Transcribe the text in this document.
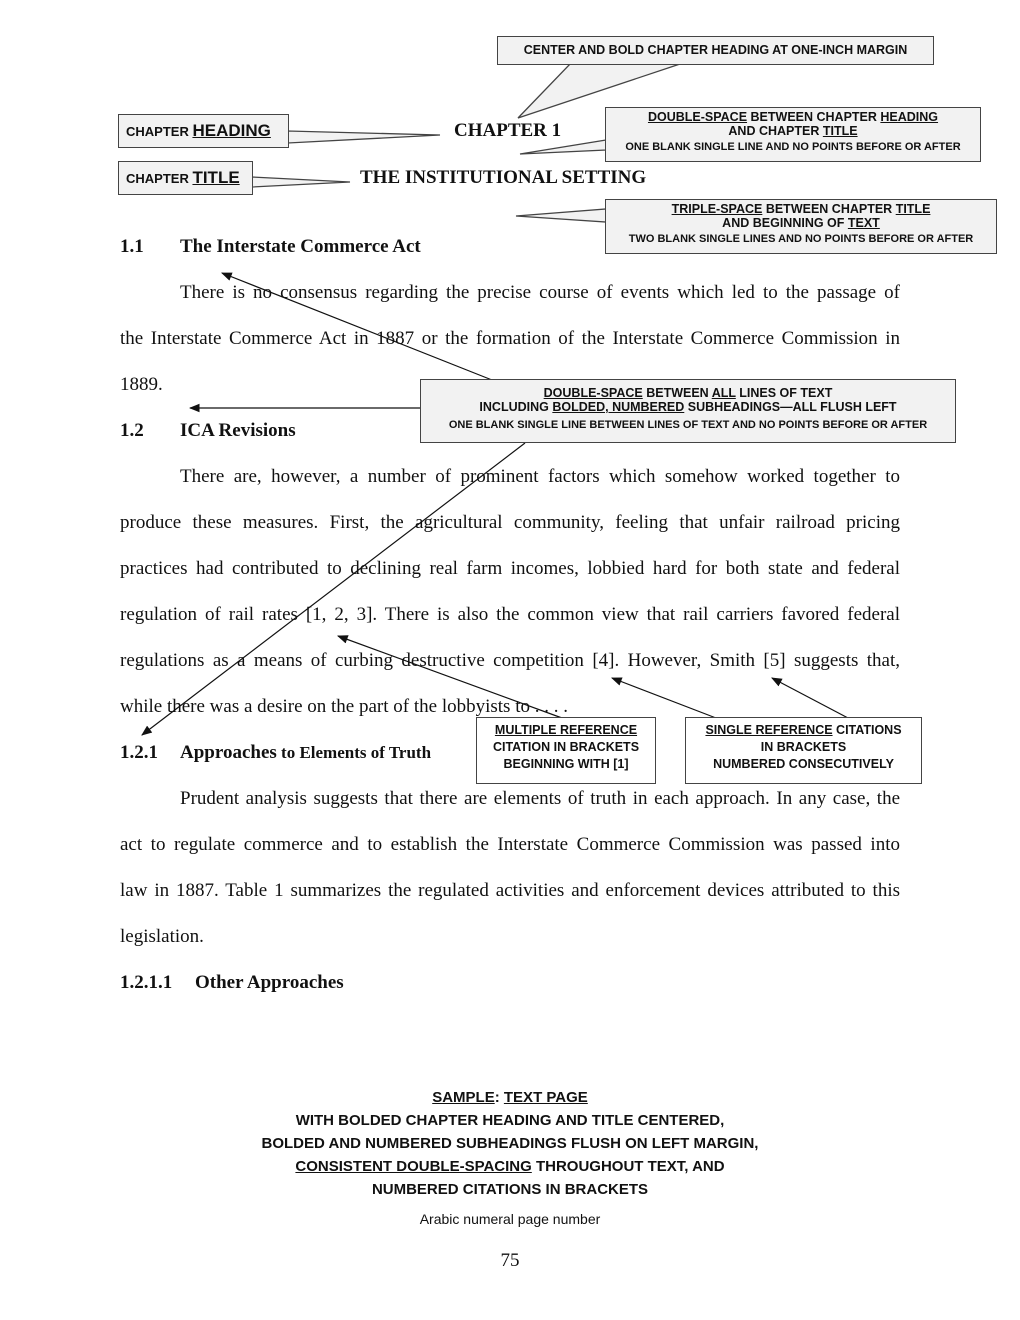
CHAPTER 1
THE INSTITUTIONAL SETTING
1.1 The Interstate Commerce Act
There is no consensus regarding the precise course of events which led to the passage of
the Interstate Commerce Act in 1887 or the formation of the Interstate Commerce Commission in
1889.
1.2 ICA Revisions
There are, however, a number of prominent factors which somehow worked together to
produce these measures. First, the agricultural community, feeling that unfair railroad pricing
practices had contributed to declining real farm incomes, lobbied hard for both state and federal
regulation of rail rates [1, 2, 3]. There is also the common view that rail carriers favored federal
regulations as a means of curbing destructive competition [4]. However, Smith [5] suggests that,
while there was a desire on the part of the lobbyists to . . . .
1.2.1 Approaches to Elements of Truth
Prudent analysis suggests that there are elements of truth in each approach. In any case, the
act to regulate commerce and to establish the Interstate Commerce Commission was passed into
law in 1887. Table 1 summarizes the regulated activities and enforcement devices attributed to this
legislation.
1.2.1.1 Other Approaches
CENTER AND BOLD CHAPTER HEADING AT ONE-INCH MARGIN
CHAPTER HEADING
CHAPTER TITLE
DOUBLE-SPACE BETWEEN CHAPTER HEADING
AND CHAPTER TITLE
ONE BLANK SINGLE LINE AND NO POINTS BEFORE OR AFTER
TRIPLE-SPACE BETWEEN CHAPTER TITLE
AND BEGINNING OF TEXT
TWO BLANK SINGLE LINES AND NO POINTS BEFORE OR AFTER
DOUBLE-SPACE BETWEEN ALL LINES OF TEXT
INCLUDING BOLDED, NUMBERED SUBHEADINGS—ALL FLUSH LEFT
ONE BLANK SINGLE LINE BETWEEN LINES OF TEXT AND NO POINTS BEFORE OR AFTER
MULTIPLE REFERENCE
CITATION IN BRACKETS
BEGINNING WITH [1]
SINGLE REFERENCE CITATIONS
IN BRACKETS
NUMBERED CONSECUTIVELY
SAMPLE: TEXT PAGE
WITH BOLDED CHAPTER HEADING AND TITLE CENTERED,
BOLDED AND NUMBERED SUBHEADINGS FLUSH ON LEFT MARGIN,
CONSISTENT DOUBLE-SPACING THROUGHOUT TEXT, AND
NUMBERED CITATIONS IN BRACKETS
Arabic numeral page number
75
